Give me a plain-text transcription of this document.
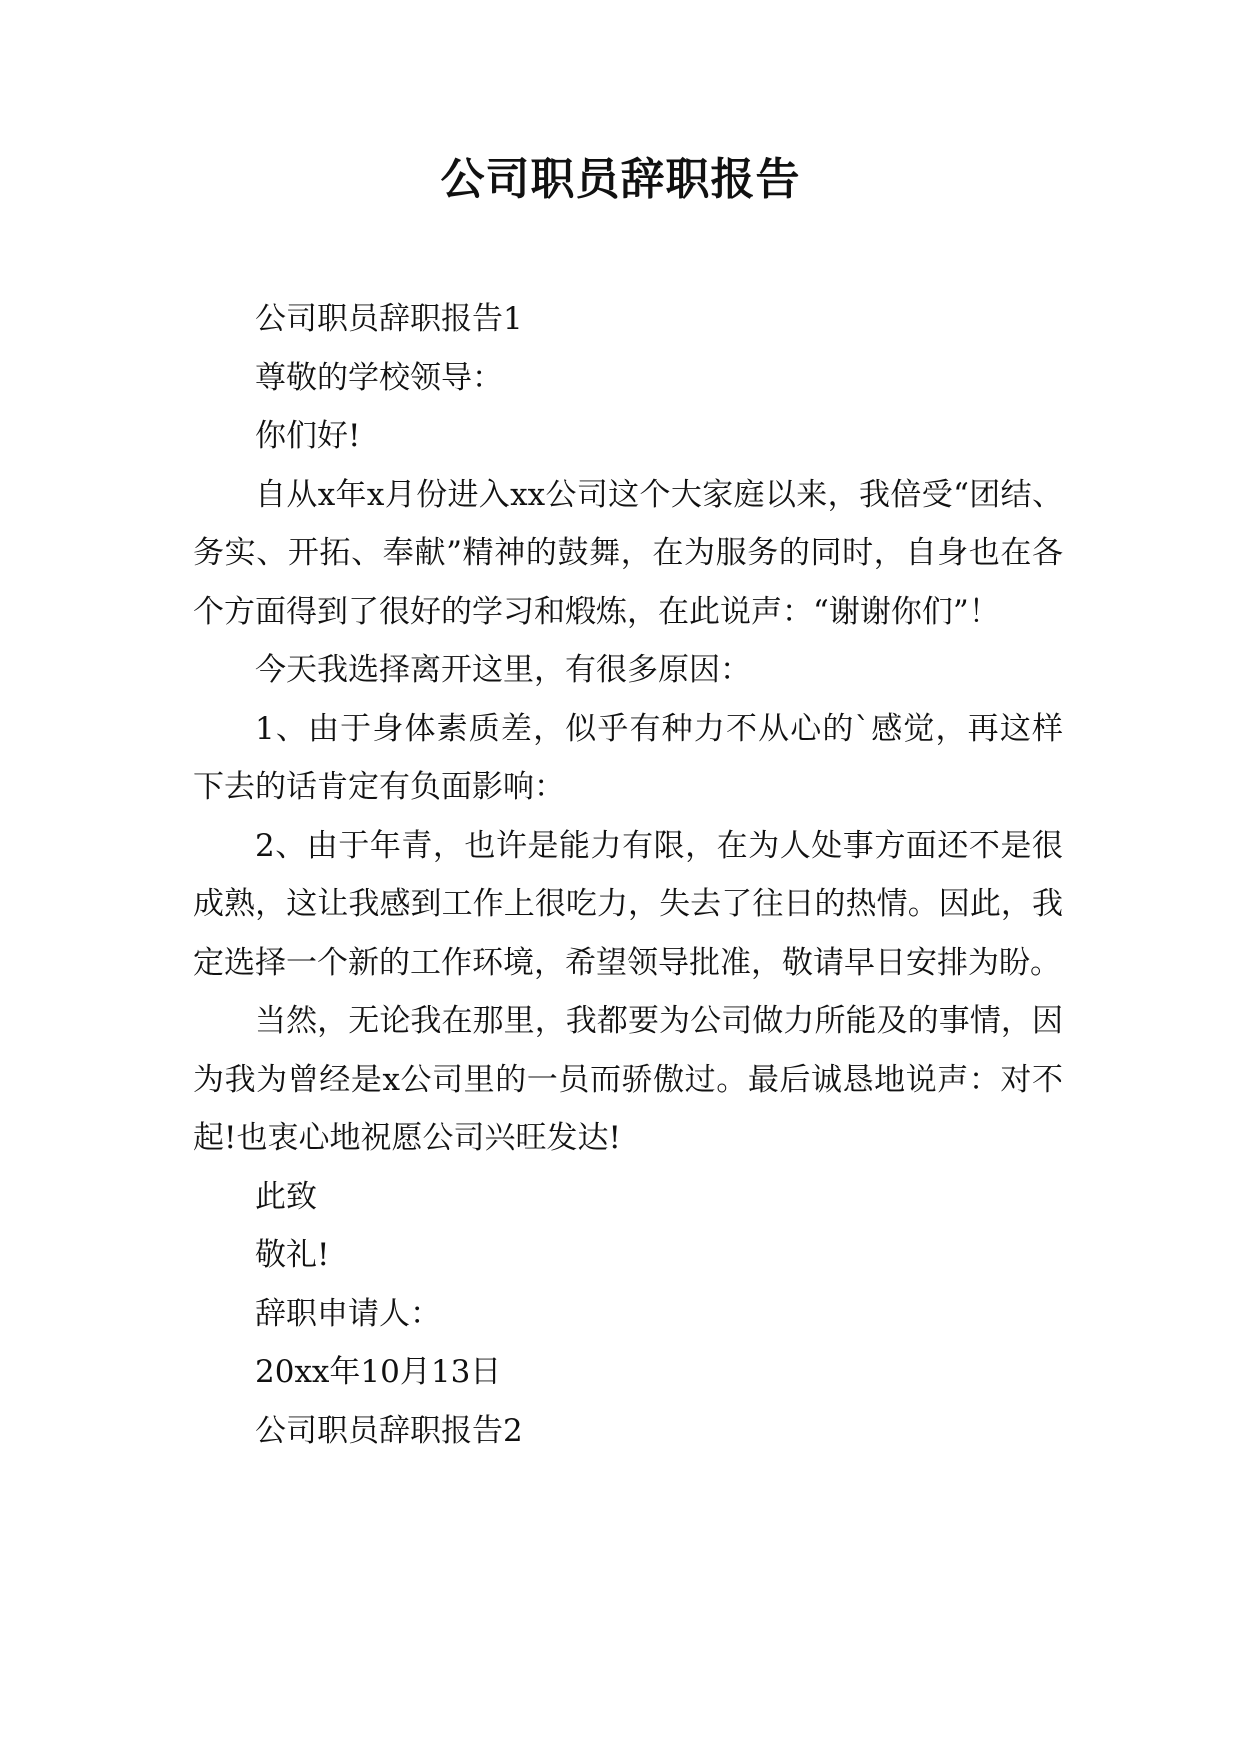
公司职员辞职报告

公司职员辞职报告1

尊敬的学校领导：

你们好!

自从x年x月份进入xx公司这个大家庭以来，我倍受“团结、务实、开拓、奉献”精神的鼓舞，在为服务的同时，自身也在各个方面得到了很好的学习和煅炼，在此说声：“谢谢你们”！

今天我选择离开这里，有很多原因：

1、由于身体素质差，似乎有种力不从心的`感觉，再这样下去的话肯定有负面影响：

2、由于年青，也许是能力有限，在为人处事方面还不是很成熟，这让我感到工作上很吃力，失去了往日的热情。因此，我定选择一个新的工作环境，希望领导批准，敬请早日安排为盼。

当然，无论我在那里，我都要为公司做力所能及的事情，因为我为曾经是x公司里的一员而骄傲过。最后诚恳地说声：对不起!也衷心地祝愿公司兴旺发达!

此致

敬礼!

辞职申请人：

20xx年10月13日

公司职员辞职报告2
